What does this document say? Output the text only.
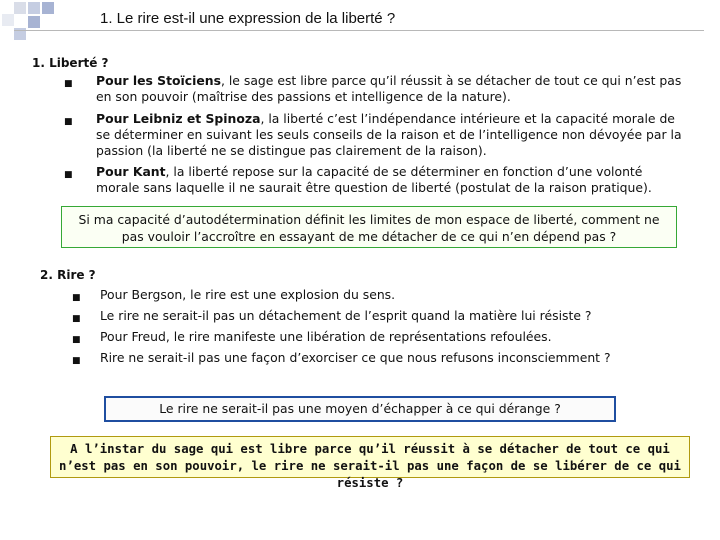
1. Le rire est-il une expression de la liberté ?
1. Liberté ?
■ Pour les Stoïciens, le sage est libre parce qu’il réussit à se détacher de tout ce qui n’est pas en son pouvoir (maîtrise des passions et intelligence de la nature).
■ Pour Leibniz et Spinoza, la liberté c’est l’indépendance intérieure et la capacité morale de se déterminer en suivant les seuls conseils de la raison et de l’intelligence non dévoyée par la passion (la liberté ne se distingue pas clairement de la raison).
■ Pour Kant, la liberté repose sur la capacité de se déterminer en fonction d’une volonté morale sans laquelle il ne saurait être question de liberté (postulat de la raison pratique).
Si ma capacité d’autodétermination définit les limites de mon espace de liberté, comment ne pas vouloir l’accroître en essayant de me détacher de ce qui n’en dépend pas ?
2. Rire ?
■ Pour Bergson, le rire est une explosion du sens.
■ Le rire ne serait-il pas un détachement de l’esprit quand la matière lui résiste ?
■ Pour Freud, le rire manifeste une libération de représentations refoulées.
■ Rire ne serait-il pas une façon d’exorciser ce que nous refusons inconsciemment ?
Le rire ne serait-il pas une moyen d’échapper à ce qui dérange ?
A l’instar du sage qui est libre parce qu’il réussit à se détacher de tout ce qui n’est pas en son pouvoir, le rire ne serait-il pas une façon de se libérer de ce qui résiste ?
